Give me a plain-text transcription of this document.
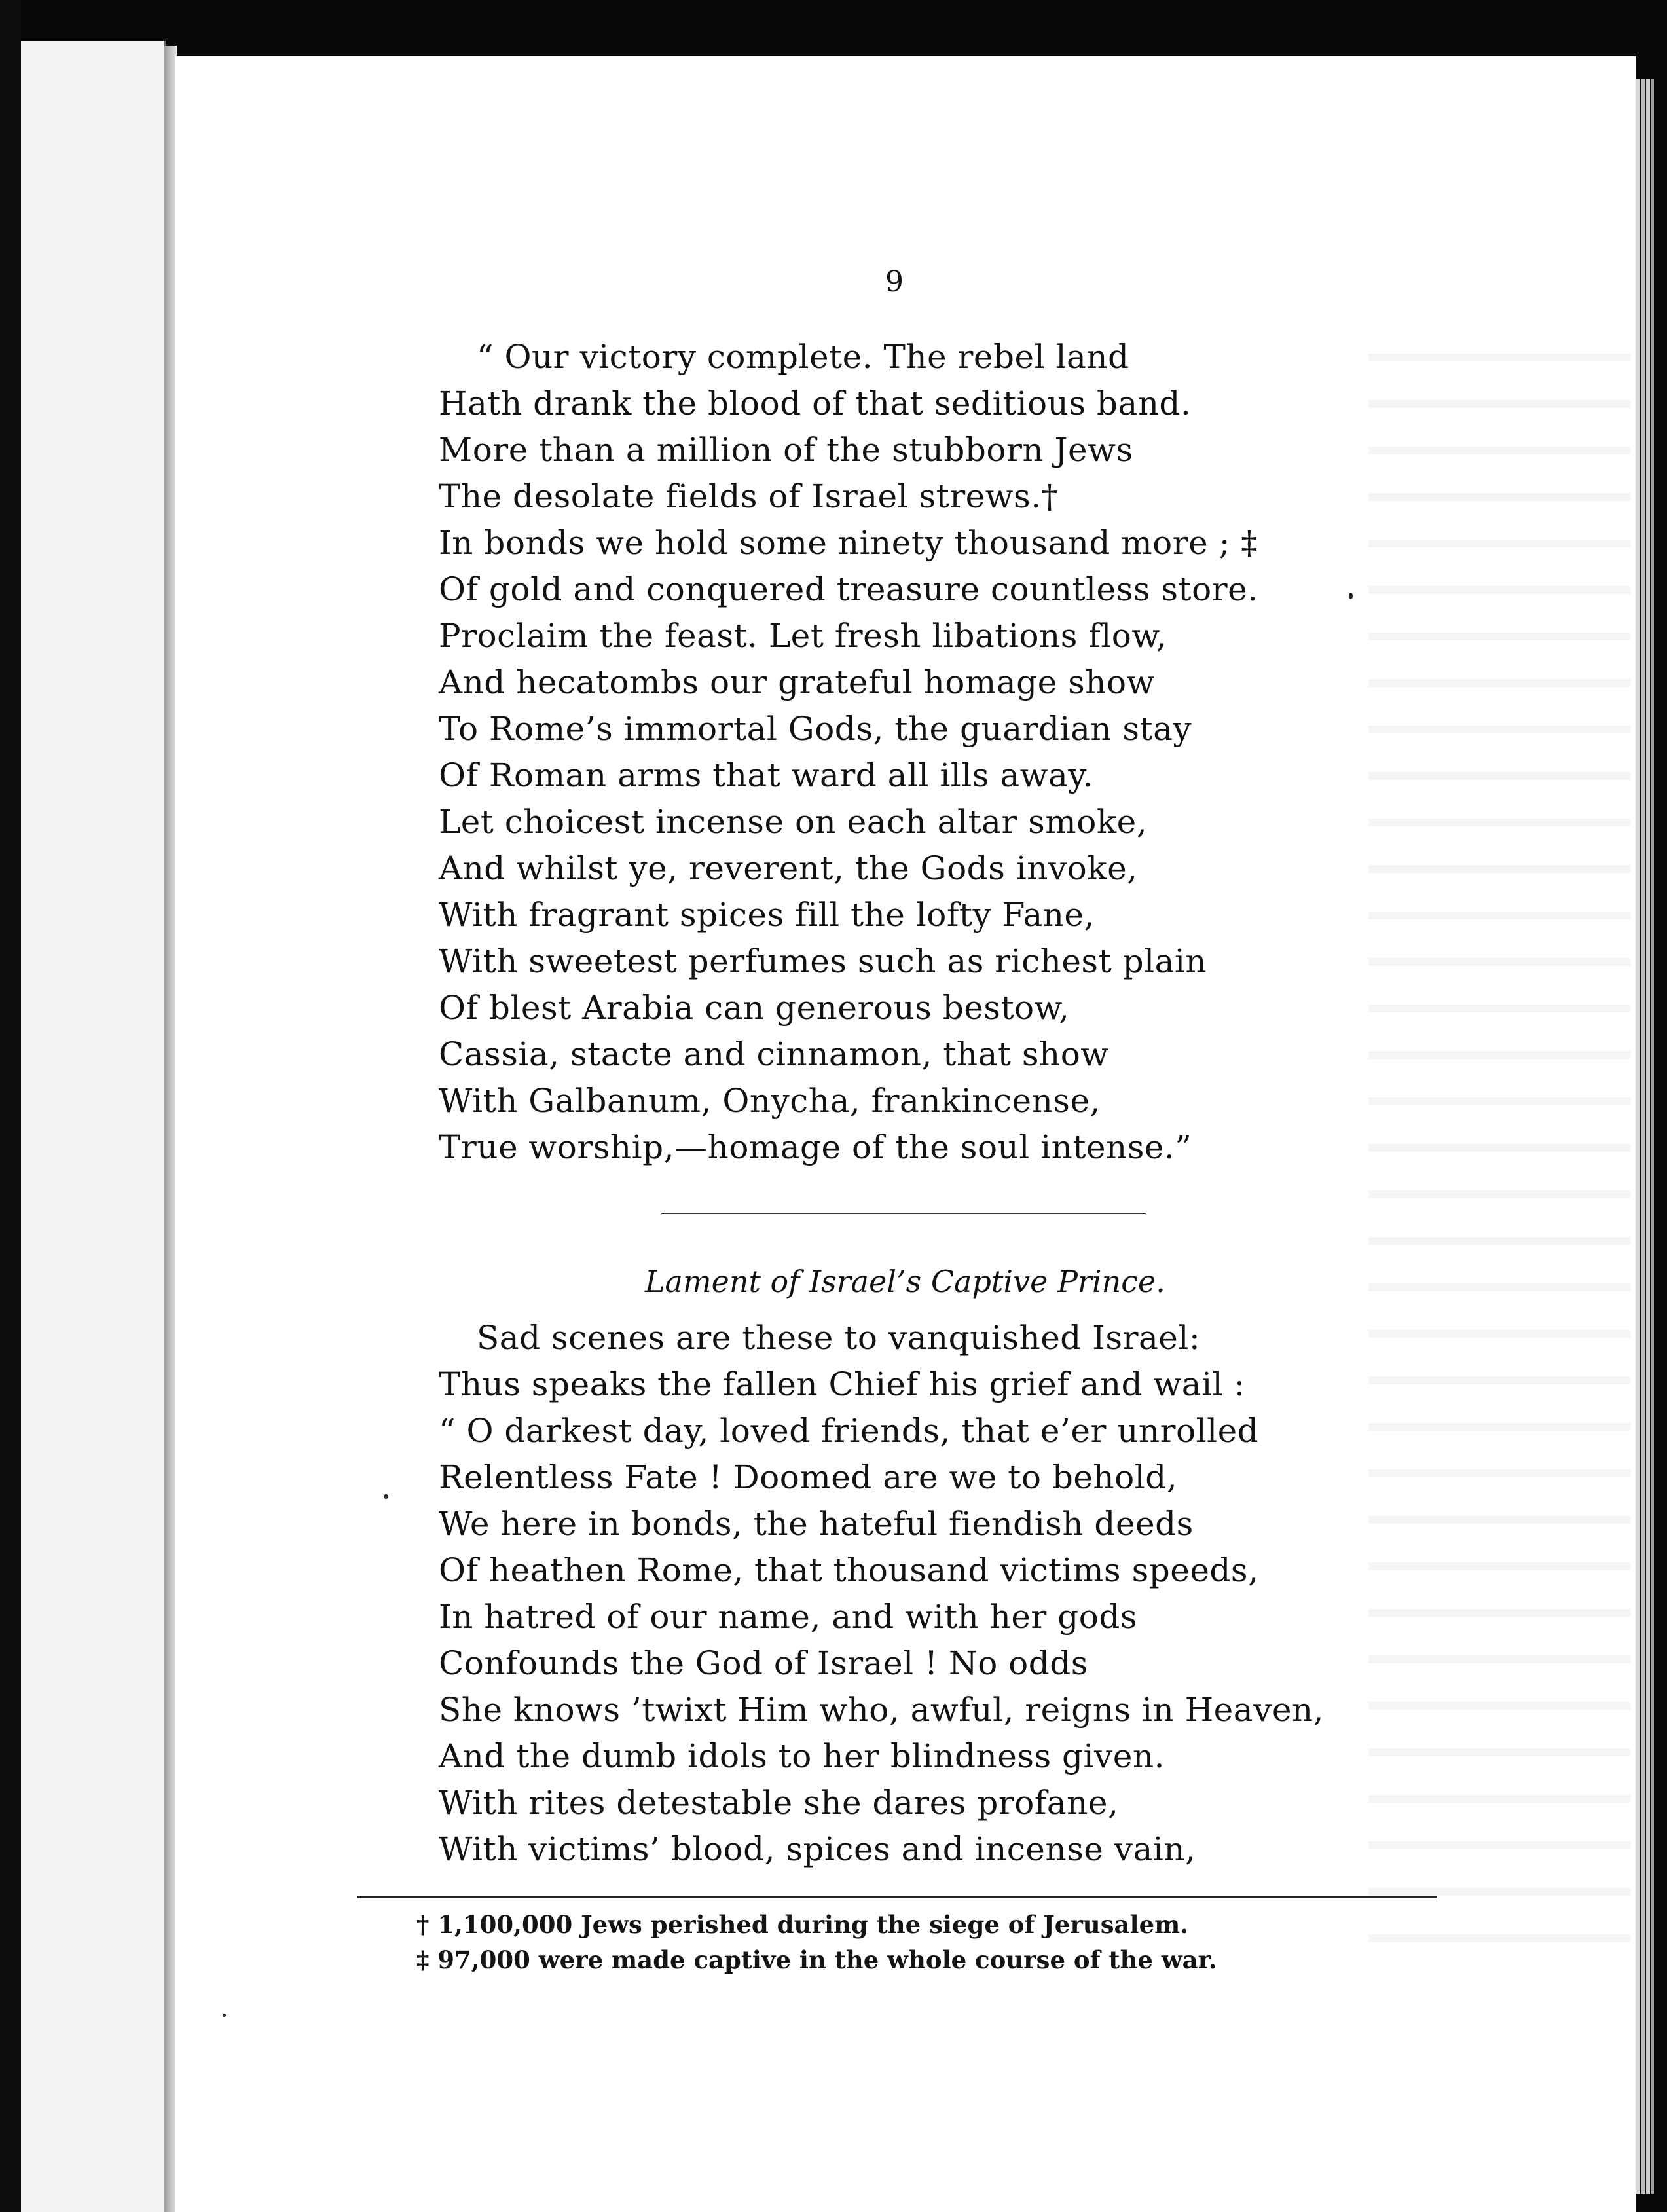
9
“ Our victory complete. The rebel land
Hath drank the blood of that seditious band.
More than a million of the stubborn Jews
The desolate fields of Israel strews.†
In bonds we hold some ninety thousand more ; ‡
Of gold and conquered treasure countless store.
Proclaim the feast. Let fresh libations flow,
And hecatombs our grateful homage show
To Rome’s immortal Gods, the guardian stay
Of Roman arms that ward all ills away.
Let choicest incense on each altar smoke,
And whilst ye, reverent, the Gods invoke,
With fragrant spices fill the lofty Fane,
With sweetest perfumes such as richest plain
Of blest Arabia can generous bestow,
Cassia, stacte and cinnamon, that show
With Galbanum, Onycha, frankincense,
True worship,—homage of the soul intense.”
Lament of Israel’s Captive Prince.
Sad scenes are these to vanquished Israel:
Thus speaks the fallen Chief his grief and wail :
“ O darkest day, loved friends, that e’er unrolled
Relentless Fate ! Doomed are we to behold,
We here in bonds, the hateful fiendish deeds
Of heathen Rome, that thousand victims speeds,
In hatred of our name, and with her gods
Confounds the God of Israel ! No odds
She knows ’twixt Him who, awful, reigns in Heaven,
And the dumb idols to her blindness given.
With rites detestable she dares profane,
With victims’ blood, spices and incense vain,
† 1,100,000 Jews perished during the siege of Jerusalem.
‡ 97,000 were made captive in the whole course of the war.
